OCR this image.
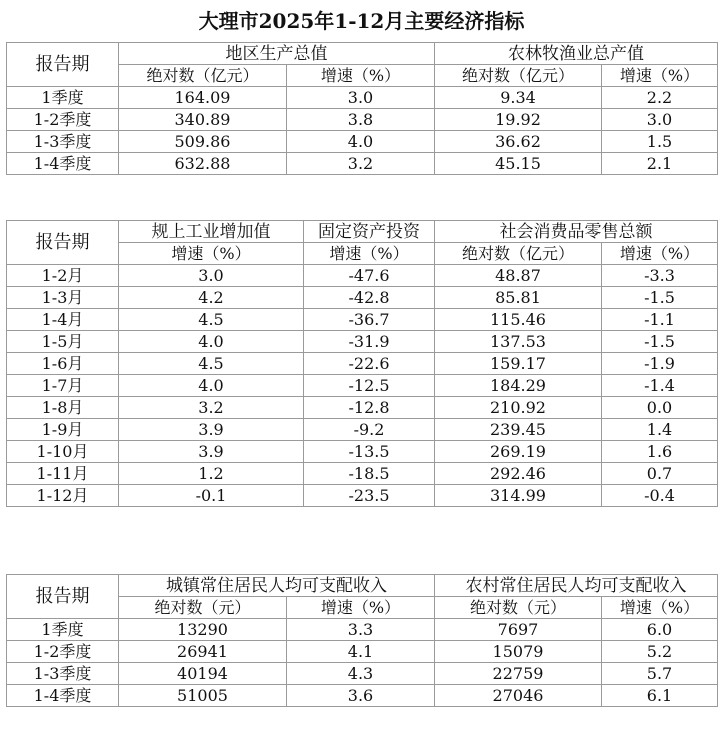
大理市2025年1-12月主要经济指标
报告期	地区生产总值		农林牧渔业总产值	
	绝对数（亿元）	增速（%）	绝对数（亿元）	增速（%）
1季度	164.09	3.0	9.34	2.2
1-2季度	340.89	3.8	19.92	3.0
1-3季度	509.86	4.0	36.62	1.5
1-4季度	632.88	3.2	45.15	2.1
报告期	规上工业增加值	固定资产投资	社会消费品零售总额	
	增速（%）	增速（%）	绝对数（亿元）	增速（%）
1-2月	3.0	-47.6	48.87	-3.3
1-3月	4.2	-42.8	85.81	-1.5
1-4月	4.5	-36.7	115.46	-1.1
1-5月	4.0	-31.9	137.53	-1.5
1-6月	4.5	-22.6	159.17	-1.9
1-7月	4.0	-12.5	184.29	-1.4
1-8月	3.2	-12.8	210.92	0.0
1-9月	3.9	-9.2	239.45	1.4
1-10月	3.9	-13.5	269.19	1.6
1-11月	1.2	-18.5	292.46	0.7
1-12月	-0.1	-23.5	314.99	-0.4
报告期	城镇常住居民人均可支配收入		农村常住居民人均可支配收入	
	绝对数（元）	增速（%）	绝对数（元）	增速（%）
1季度	13290	3.3	7697	6.0
1-2季度	26941	4.1	15079	5.2
1-3季度	40194	4.3	22759	5.7
1-4季度	51005	3.6	27046	6.1
